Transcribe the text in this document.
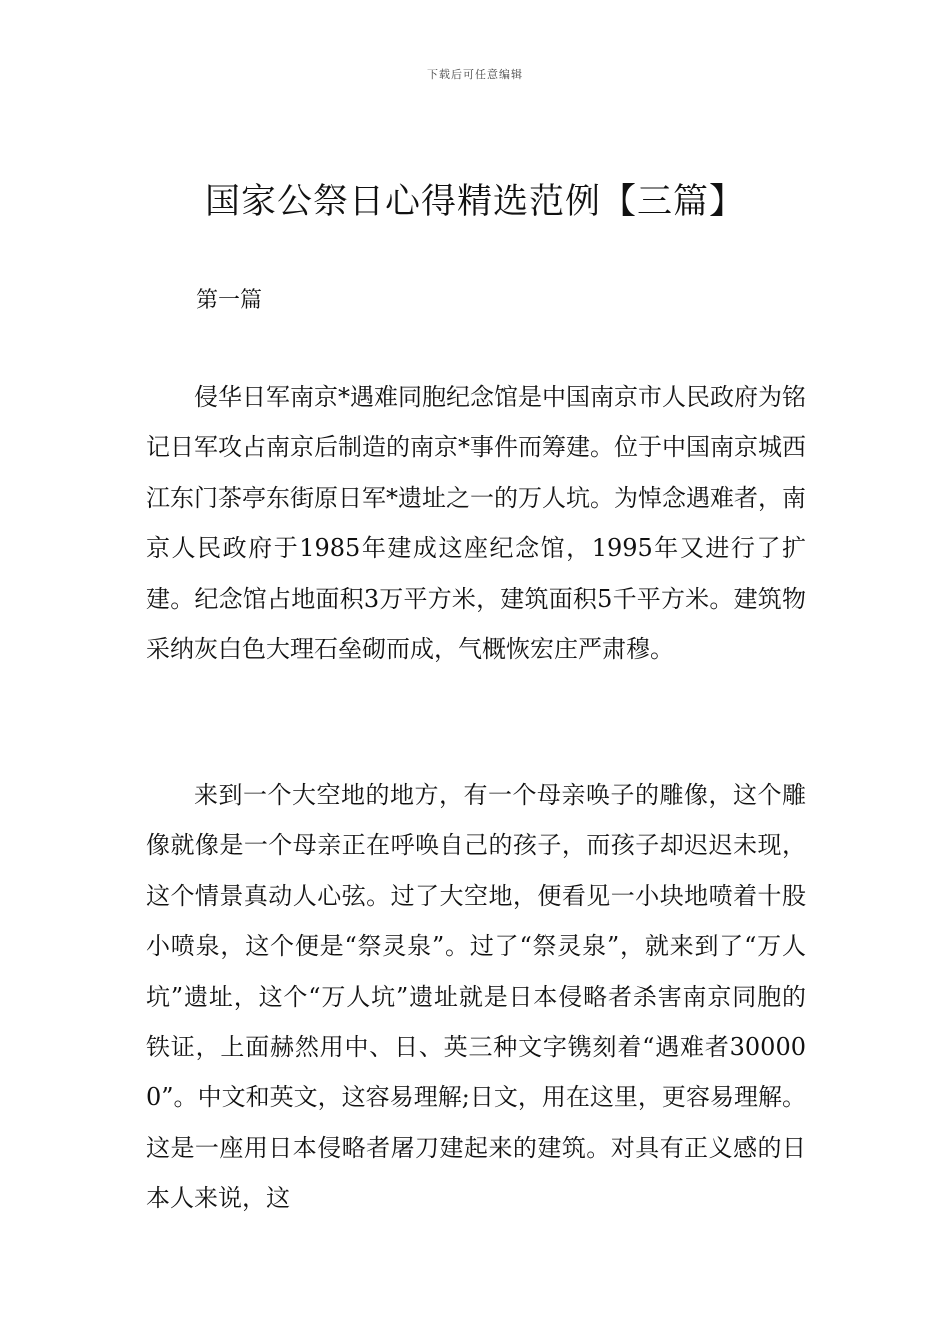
下载后可任意编辑
国家公祭日心得精选范例【三篇】
第一篇

侵华日军南京*遇难同胞纪念馆是中国南京市人民政府为铭记日军攻占南京后制造的南京*事件而筹建。位于中国南京城西江东门茶亭东街原日军*遗址之一的万人坑。为悼念遇难者，南京人民政府于1985年建成这座纪念馆，1995年又进行了扩建。纪念馆占地面积3万平方米，建筑面积5千平方米。建筑物采纳灰白色大理石垒砌而成，气概恢宏庄严肃穆。

来到一个大空地的地方，有一个母亲唤子的雕像，这个雕像就像是一个母亲正在呼唤自己的孩子，而孩子却迟迟未现，这个情景真动人心弦。过了大空地，便看见一小块地喷着十股小喷泉，这个便是“祭灵泉”。过了“祭灵泉”，就来到了“万人坑”遗址，这个“万人坑”遗址就是日本侵略者杀害南京同胞的铁证，上面赫然用中、日、英三种文字镌刻着“遇难者300000”。中文和英文，这容易理解;日文，用在这里，更容易理解。这是一座用日本侵略者屠刀建起来的建筑。对具有正义感的日本人来说，这
